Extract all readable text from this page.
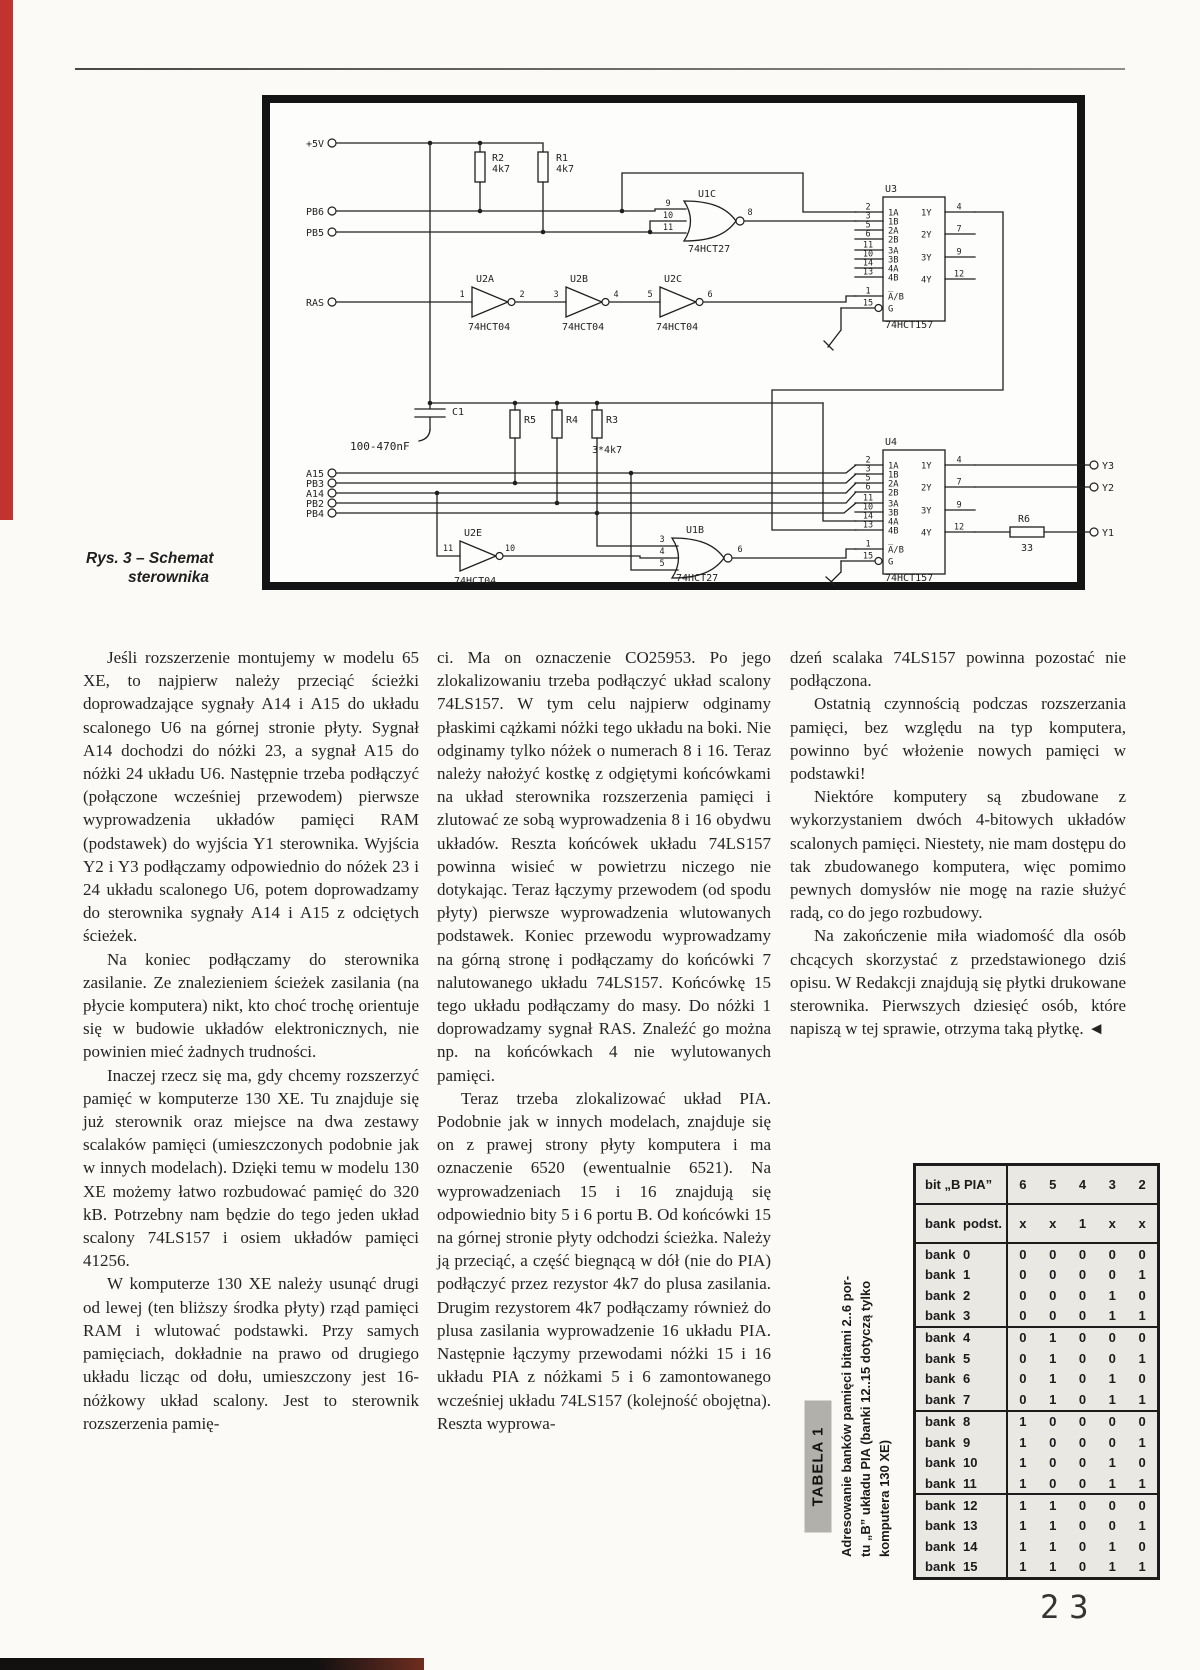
+5V
PB6
PB5
RAS
A15
PB3
A14
PB2
PB4
Y3
Y2
Y1
R2
4k7
R1
4k7
R5	R4	R3
3*4k7
C1
100-470nF
R6
33
U1C
74HCT27
U2A
74HCT04
U2B
74HCT04
U2C
74HCT04
U2E
74HCT04
U1B
74HCT27
9
10
11
8
1	2	3	4	5	6
11	10
3
4
5
6
U3
74HCT157
1A
2
1B
3
2A
5
2B
6
3A
11
3B
10
4A
14
4B
13
1Y
4
2Y
7
3Y
9
4Y
12
A̅/B
1
G
15
U4
74HCT157
1A
2
1B
3
2A
5
2B
6
3A
11
3B
10
4A
14
4B
13
1Y
4
2Y
7
3Y
9
4Y
12
A̅/B
1
G
15
Rys. 3 – Schemat
sterownika

Jeśli rozszerzenie montujemy w modelu 65 XE, to najpierw należy przeciąć ścieżki doprowadzające sygnały A14 i A15 do układu scalonego U6 na górnej stronie płyty. Sygnał A14 dochodzi do nóżki 23, a sygnał A15 do nóżki 24 układu U6. Następnie trzeba podłączyć (połączone wcześniej przewodem) pierwsze wyprowadzenia układów pamięci RAM (podstawek) do wyjścia Y1 sterownika. Wyjścia Y2 i Y3 podłączamy odpowiednio do nóżek 23 i 24 układu scalonego U6, potem doprowadzamy do sterownika sygnały A14 i A15 z odciętych ścieżek.

Na koniec podłączamy do sterownika zasilanie. Ze znalezieniem ścieżek zasilania (na płycie komputera) nikt, kto choć trochę orientuje się w budowie układów elektronicznych, nie powinien mieć żadnych trudności.

Inaczej rzecz się ma, gdy chcemy rozszerzyć pamięć w komputerze 130 XE. Tu znajduje się już sterownik oraz miejsce na dwa zestawy scalaków pamięci (umieszczonych podobnie jak w innych modelach). Dzięki temu w modelu 130 XE możemy łatwo rozbudować pamięć do 320 kB. Potrzebny nam będzie do tego jeden układ scalony 74LS157 i osiem układów pamięci 41256.

W komputerze 130 XE należy usunąć drugi od lewej (ten bliższy środka płyty) rząd pamięci RAM i wlutować podstawki. Przy samych pamięciach, dokładnie na prawo od drugiego układu licząc od dołu, umieszczony jest 16-nóżkowy układ scalony. Jest to sterownik rozszerzenia pamię-

ci. Ma on oznaczenie CO25953. Po jego zlokalizowaniu trzeba podłączyć układ scalony 74LS157. W tym celu najpierw odginamy płaskimi cążkami nóżki tego układu na boki. Nie odginamy tylko nóżek o numerach 8 i 16. Teraz należy nałożyć kostkę z odgiętymi końcówkami na układ sterownika rozszerzenia pamięci i zlutować ze sobą wyprowadzenia 8 i 16 obydwu układów. Reszta końcówek układu 74LS157 powinna wisieć w powietrzu niczego nie dotykając. Teraz łączymy przewodem (od spodu płyty) pierwsze wyprowadzenia wlutowanych podstawek. Koniec przewodu wyprowadzamy na górną stronę i podłączamy do końcówki 7 nalutowanego układu 74LS157. Końcówkę 15 tego układu podłączamy do masy. Do nóżki 1 doprowadzamy sygnał RAS. Znaleźć go można np. na końcówkach 4 nie wylutowanych pamięci.

Teraz trzeba zlokalizować układ PIA. Podobnie jak w innych modelach, znajduje się on z prawej strony płyty komputera i ma oznaczenie 6520 (ewentualnie 6521). Na wyprowadzeniach 15 i 16 znajdują się odpowiednio bity 5 i 6 portu B. Od końcówki 15 na górnej stronie płyty odchodzi ścieżka. Należy ją przeciąć, a część biegnącą w dół (nie do PIA) podłączyć przez rezystor 4k7 do plusa zasilania. Drugim rezystorem 4k7 podłączamy również do plusa zasilania wyprowadzenie 16 układu PIA. Następnie łączymy przewodami nóżki 15 i 16 układu PIA z nóżkami 5 i 6 zamontowanego wcześniej układu 74LS157 (kolejność obojętna). Reszta wyprowa-

dzeń scalaka 74LS157 powinna pozostać nie podłączona.

Ostatnią czynnością podczas rozszerzania pamięci, bez względu na typ komputera, powinno być włożenie nowych pamięci w podstawki!

Niektóre komputery są zbudowane z wykorzystaniem dwóch 4-bitowych układów scalonych pamięci. Niestety, nie mam dostępu do tak zbudowanego komputera, więc pomimo pewnych domysłów nie mogę na razie służyć radą, co do jego rozbudowy.

Na zakończenie miła wiadomość dla osób chcących skorzystać z przedstawionego dziś opisu. W Redakcji znajdują się płytki drukowane sterownika. Pierwszych dziesięć osób, które napiszą w tej sprawie, otrzyma taką płytkę. ◄

TABELA 1 Adresowanie banków pamięci bitami 2..6 por- tu „B” układu PIA (banki 12..15 dotyczą tylko komputera 130 XE)
bit „B PIA”	6	5	4	3	2
bank podst.	x	x	1	x	x
bank 0	0	0	0	0	0
bank 1	0	0	0	0	1
bank 2	0	0	0	1	0
bank 3	0	0	0	1	1
bank 4	0	1	0	0	0
bank 5	0	1	0	0	1
bank 6	0	1	0	1	0
bank 7	0	1	0	1	1
bank 8	1	0	0	0	0
bank 9	1	0	0	0	1
bank 10	1	0	0	1	0
bank 11	1	0	0	1	1
bank 12	1	1	0	0	0
bank 13	1	1	0	0	1
bank 14	1	1	0	1	0
bank 15	1	1	0	1	1
23
